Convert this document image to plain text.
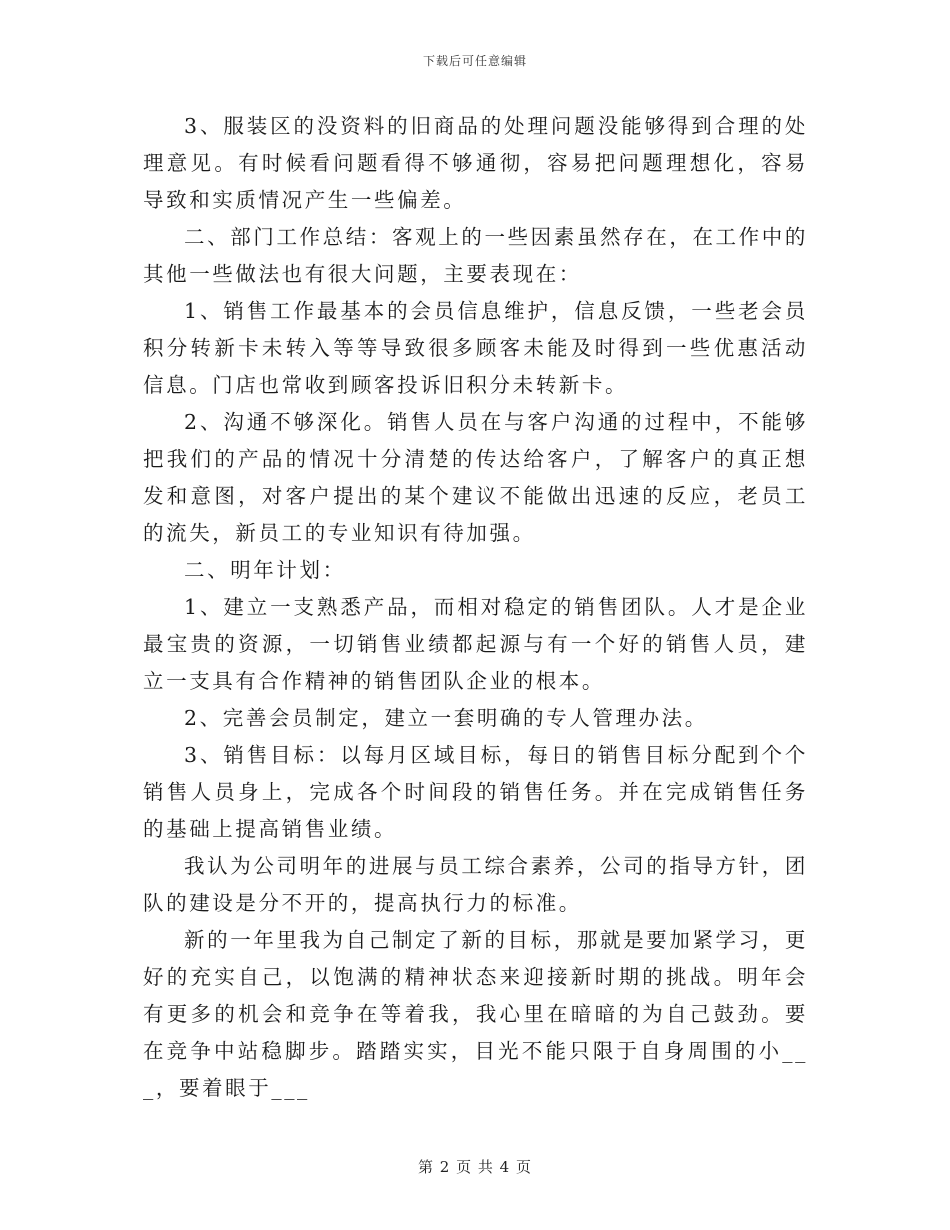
下载后可任意编辑

3、服装区的没资料的旧商品的处理问题没能够得到合理的处理意见。有时候看问题看得不够通彻，容易把问题理想化，容易导致和实质情况产生一些偏差。

二、部门工作总结：客观上的一些因素虽然存在，在工作中的其他一些做法也有很大问题，主要表现在：

1、销售工作最基本的会员信息维护，信息反馈，一些老会员积分转新卡未转入等等导致很多顾客未能及时得到一些优惠活动信息。门店也常收到顾客投诉旧积分未转新卡。

2、沟通不够深化。销售人员在与客户沟通的过程中，不能够把我们的产品的情况十分清楚的传达给客户，了解客户的真正想发和意图，对客户提出的某个建议不能做出迅速的反应，老员工的流失，新员工的专业知识有待加强。

二、明年计划：

1、建立一支熟悉产品，而相对稳定的销售团队。人才是企业最宝贵的资源，一切销售业绩都起源与有一个好的销售人员，建立一支具有合作精神的销售团队企业的根本。

2、完善会员制定，建立一套明确的专人管理办法。

3、销售目标：以每月区域目标，每日的销售目标分配到个个销售人员身上，完成各个时间段的销售任务。并在完成销售任务的基础上提高销售业绩。

我认为公司明年的进展与员工综合素养，公司的指导方针，团队的建设是分不开的，提高执行力的标准。

新的一年里我为自己制定了新的目标，那就是要加紧学习，更好的充实自己，以饱满的精神状态来迎接新时期的挑战。明年会有更多的机会和竞争在等着我，我心里在暗暗的为自己鼓劲。要在竞争中站稳脚步。踏踏实实，目光不能只限于自身周围的小___，要着眼于___

第 2 页 共 4 页
